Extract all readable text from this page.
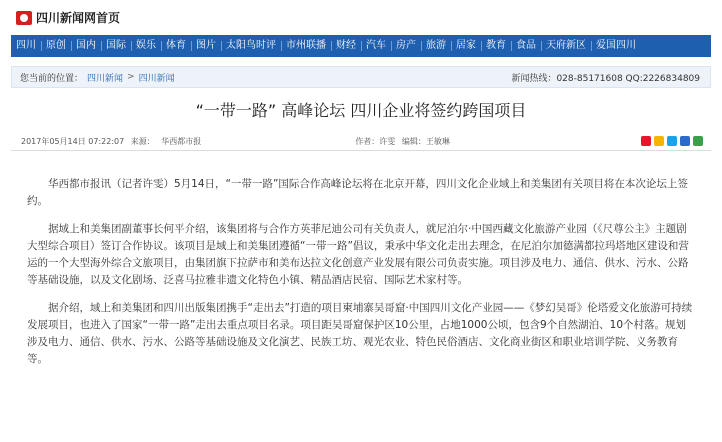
四川新闻网首页
四川	原创	国内	国际	娱乐	体育	图片	太阳鸟时评	市州联播	财经	汽车	房产	旅游	居家	教育	食品	天府新区	爱国四川
您当前的位置： 四川新闻 > 四川新闻	新闻热线：028-85171608 QQ:2226834809
“一带一路” 高峰论坛 四川企业将签约跨国项目
2017年05月14日 07:22:07 来源： 华西都市报	作者：许雯 编辑：王敏琳

华西都市报讯（记者许雯）5月14日，“一带一路”国际合作高峰论坛将在北京开幕，四川文化企业域上和美集团有关项目将在本次论坛上签约。

据域上和美集团副董事长何平介绍，该集团将与合作方英菲尼迪公司有关负责人，就尼泊尔·中国西藏文化旅游产业园（《尺尊公主》主题剧大型综合项目）签订合作协议。该项目是域上和美集团遵循“一带一路”倡议，秉承中华文化走出去理念，在尼泊尔加德满都拉玛塔地区建设和营运的一个大型海外综合文旅项目，由集团旗下拉萨市和美布达拉文化创意产业发展有限公司负责实施。项目涉及电力、通信、供水、污水、公路等基础设施，以及文化剧场、泛喜马拉雅非遗文化特色小镇、精品酒店民宿、国际艺术家村等。

据介绍，域上和美集团和四川出版集团携手“走出去”打造的项目柬埔寨吴哥窟·中国四川文化产业园——《梦幻吴哥》伦塔爱文化旅游可持续发展项目，也进入了国家“一带一路”走出去重点项目名录。项目距吴哥窟保护区10公里，占地1000公顷，包含9个自然湖泊、10个村落。规划涉及电力、通信、供水、污水、公路等基础设施及文化演艺、民族工坊、观光农业、特色民俗酒店、文化商业街区和职业培训学院、义务教育等。
